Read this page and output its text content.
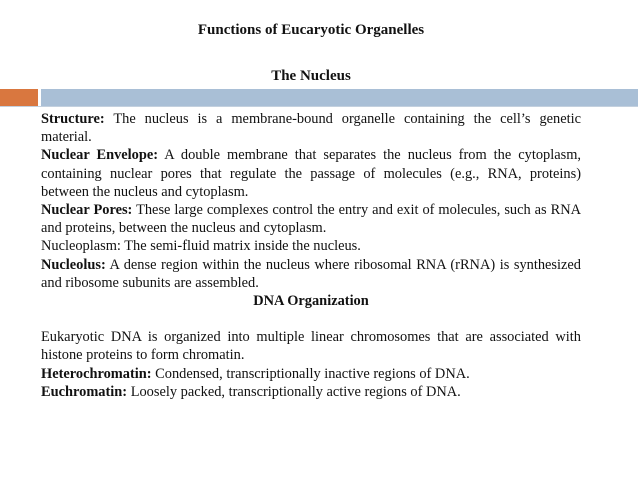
Functions of Eucaryotic Organelles
The Nucleus

Structure: The nucleus is a membrane-bound organelle containing the cell’s genetic material.

Nuclear Envelope: A double membrane that separates the nucleus from the cytoplasm, containing nuclear pores that regulate the passage of molecules (e.g., RNA, proteins) between the nucleus and cytoplasm.

Nuclear Pores: These large complexes control the entry and exit of molecules, such as RNA and proteins, between the nucleus and cytoplasm.

Nucleoplasm: The semi-fluid matrix inside the nucleus.

Nucleolus: A dense region within the nucleus where ribosomal RNA (rRNA) is synthesized and ribosome subunits are assembled.

DNA Organization

Eukaryotic DNA is organized into multiple linear chromosomes that are associated with histone proteins to form chromatin.

Heterochromatin: Condensed, transcriptionally inactive regions of DNA.

Euchromatin: Loosely packed, transcriptionally active regions of DNA.
